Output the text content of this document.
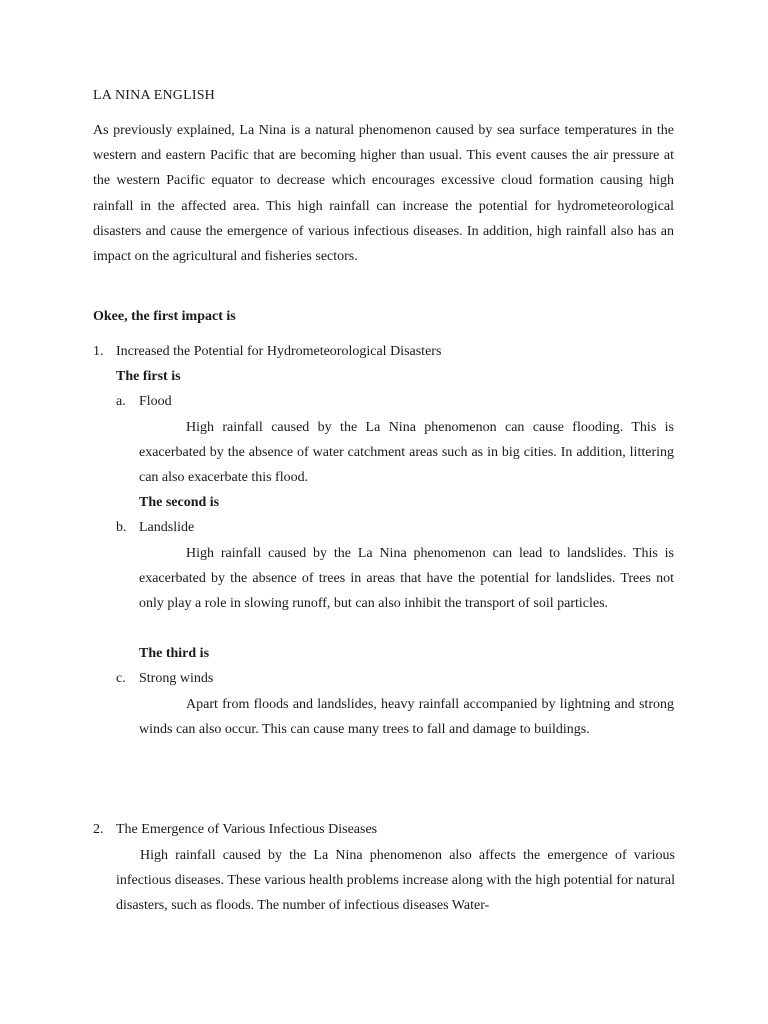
LA NINA ENGLISH

As previously explained, La Nina is a natural phenomenon caused by sea surface temperatures in the western and eastern Pacific that are becoming higher than usual. This event causes the air pressure at the western Pacific equator to decrease which encourages excessive cloud formation causing high rainfall in the affected area. This high rainfall can increase the potential for hydrometeorological disasters and cause the emergence of various infectious diseases. In addition, high rainfall also has an impact on the agricultural and fisheries sectors.

Okee, the first impact is

1. Increased the Potential for Hydrometeorological Disasters

The first is

a. Flood

High rainfall caused by the La Nina phenomenon can cause flooding. This is exacerbated by the absence of water catchment areas such as in big cities. In addition, littering can also exacerbate this flood.

The second is

b. Landslide

High rainfall caused by the La Nina phenomenon can lead to landslides. This is exacerbated by the absence of trees in areas that have the potential for landslides. Trees not only play a role in slowing runoff, but can also inhibit the transport of soil particles.

The third is

c. Strong winds

Apart from floods and landslides, heavy rainfall accompanied by lightning and strong winds can also occur. This can cause many trees to fall and damage to buildings.

2. The Emergence of Various Infectious Diseases

High rainfall caused by the La Nina phenomenon also affects the emergence of various infectious diseases. These various health problems increase along with the high potential for natural disasters, such as floods. The number of infectious diseases Water-
